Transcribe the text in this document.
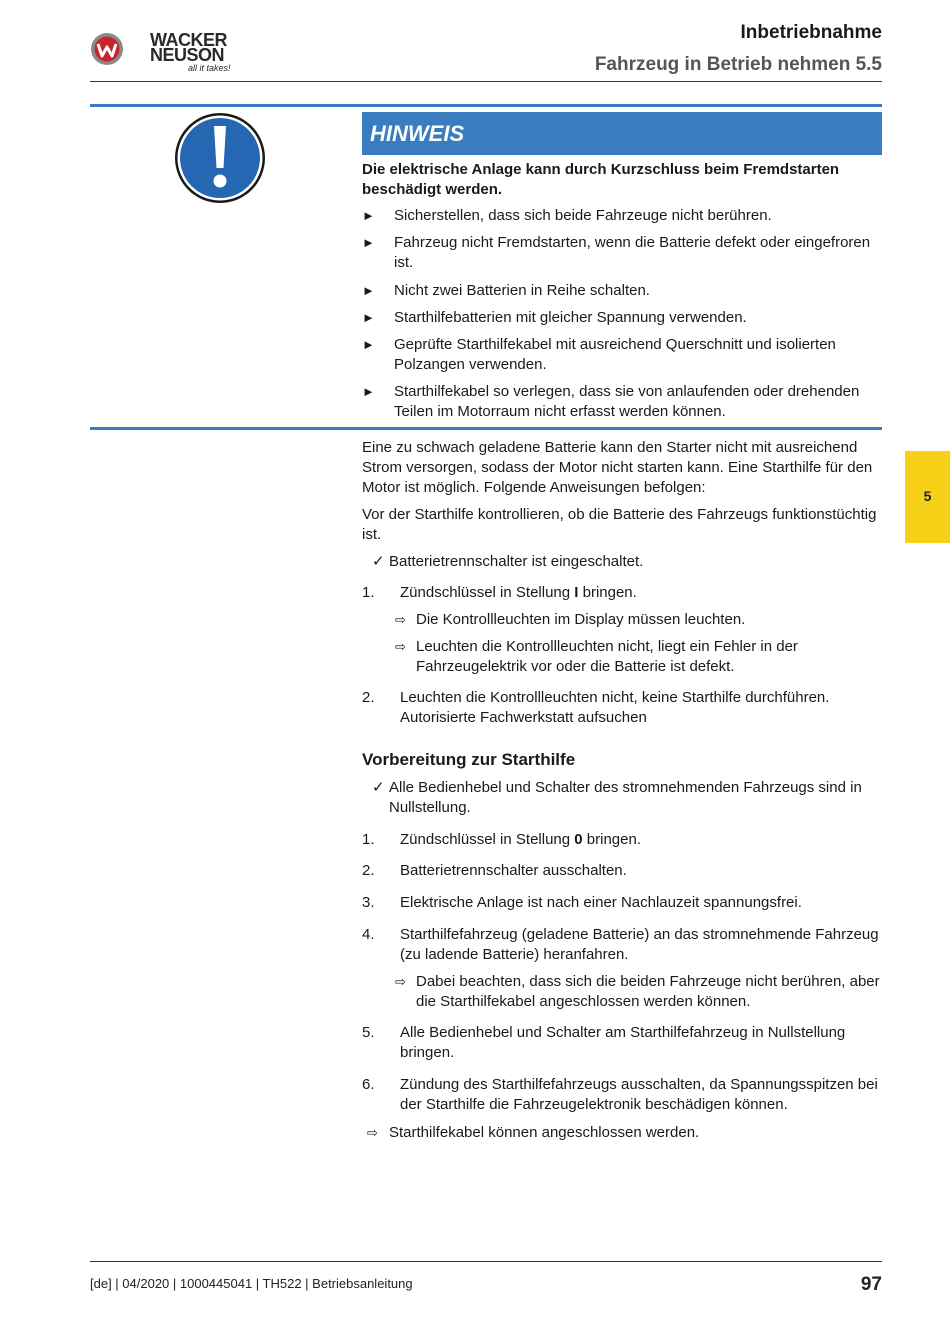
WACKER
NEUSON
all it takes!
Inbetriebnahme
Fahrzeug in Betrieb nehmen 5.5
HINWEIS
Die elektrische Anlage kann durch Kurzschluss beim Fremdstarten beschädigt werden.
► Sicherstellen, dass sich beide Fahrzeuge nicht berühren.
► Fahrzeug nicht Fremdstarten, wenn die Batterie defekt oder eingefroren ist.
► Nicht zwei Batterien in Reihe schalten.
► Starthilfebatterien mit gleicher Spannung verwenden.
► Geprüfte Starthilfekabel mit ausreichend Querschnitt und isolierten Polzangen verwenden.
► Starthilfekabel so verlegen, dass sie von anlaufenden oder drehenden Teilen im Motorraum nicht erfasst werden können.
Eine zu schwach geladene Batterie kann den Starter nicht mit ausreichend Strom versorgen, sodass der Motor nicht starten kann. Eine Starthilfe für den Motor ist möglich. Folgende Anweisungen befolgen:
Vor der Starthilfe kontrollieren, ob die Batterie des Fahrzeugs funktionstüchtig ist.
✓ Batterietrennschalter ist eingeschaltet.
1. Zündschlüssel in Stellung I bringen.
⇨ Die Kontrollleuchten im Display müssen leuchten.
⇨ Leuchten die Kontrollleuchten nicht, liegt ein Fehler in der Fahrzeugelektrik vor oder die Batterie ist defekt.
2. Leuchten die Kontrollleuchten nicht, keine Starthilfe durchführen. Autorisierte Fachwerkstatt aufsuchen
Vorbereitung zur Starthilfe
✓ Alle Bedienhebel und Schalter des stromnehmenden Fahrzeugs sind in Nullstellung.
1. Zündschlüssel in Stellung 0 bringen.
2. Batterietrennschalter ausschalten.
3. Elektrische Anlage ist nach einer Nachlauzeit spannungsfrei.
4. Starthilfefahrzeug (geladene Batterie) an das stromnehmende Fahrzeug (zu ladende Batterie) heranfahren.
⇨ Dabei beachten, dass sich die beiden Fahrzeuge nicht berühren, aber die Starthilfekabel angeschlossen werden können.
5. Alle Bedienhebel und Schalter am Starthilfefahrzeug in Nullstellung bringen.
6. Zündung des Starthilfefahrzeugs ausschalten, da Spannungsspitzen bei der Starthilfe die Fahrzeugelektronik beschädigen können.
⇨ Starthilfekabel können angeschlossen werden.
5
[de] | 04/2020 | 1000445041 | TH522 | Betriebsanleitung	97
